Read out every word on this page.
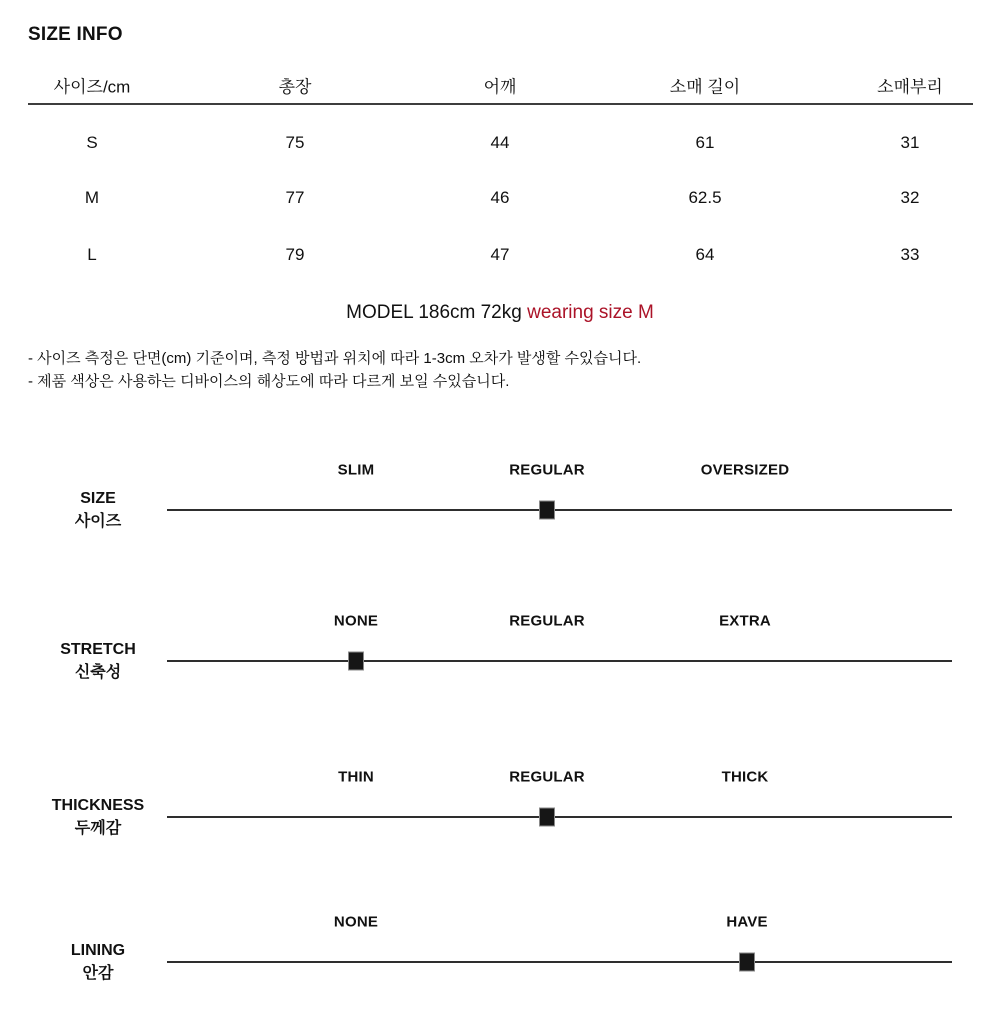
SIZE INFO
사이즈/cm	총장	어깨	소매 길이	소매부리
S	75	44	61	31
M	77	46	62.5	32
L	79	47	64	33
MODEL 186cm 72kg wearing size M
- 사이즈 측정은 단면(cm) 기준이며, 측정 방법과 위치에 따라 1-3cm 오차가 발생할 수있습니다.
- 제품 색상은 사용하는 디바이스의 해상도에 따라 다르게 보일 수있습니다.
SIZE
사이즈
SLIM	REGULAR	OVERSIZED
STRETCH
신축성
NONE	REGULAR	EXTRA
THICKNESS
두께감
THIN	REGULAR	THICK
LINING
안감
NONE	HAVE
